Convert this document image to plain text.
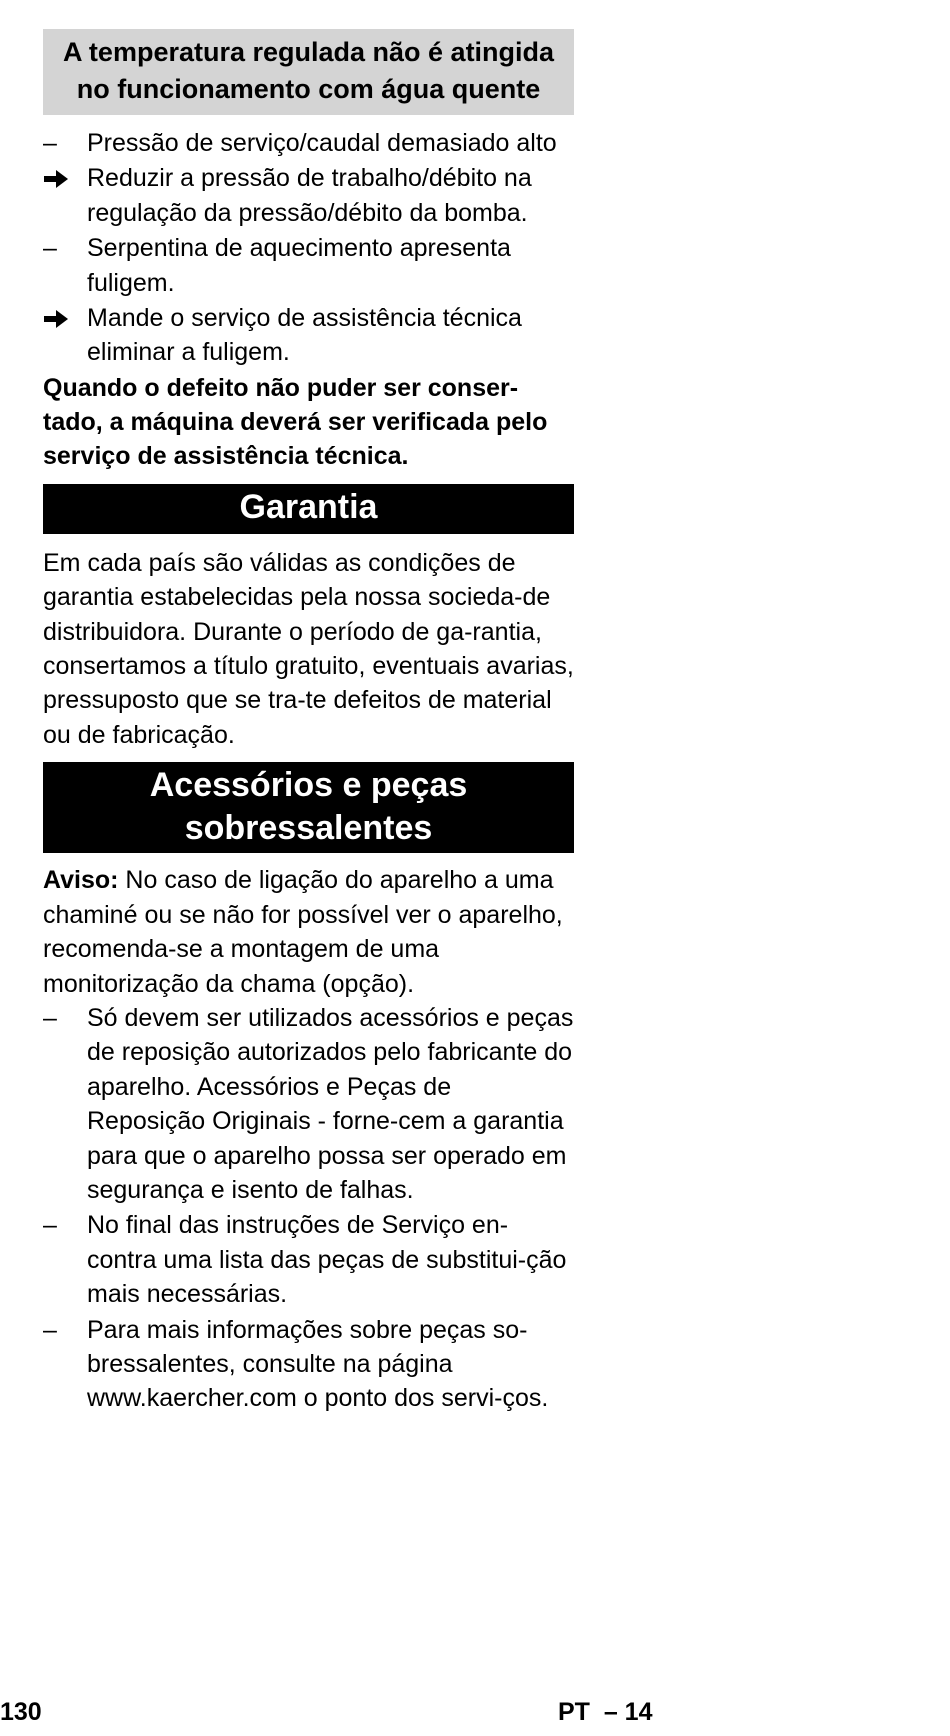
A temperatura regulada não é atingida no funcionamento com água quente
–	Pressão de serviço/caudal demasiado alto
Reduzir a pressão de trabalho/débito na regulação da pressão/débito da bomba.
–	Serpentina de aquecimento apresenta fuligem.
Mande o serviço de assistência técnica eliminar a fuligem.

Quando o defeito não puder ser conser-tado, a máquina deverá ser verificada pelo serviço de assistência técnica.

Garantia

Em cada país são válidas as condições de garantia estabelecidas pela nossa socieda-de distribuidora. Durante o período de ga-rantia, consertamos a título gratuito, eventuais avarias, pressuposto que se tra-te defeitos de material ou de fabricação.

Acessórios e peças sobressalentes

Aviso: No caso de ligação do aparelho a uma chaminé ou se não for possível ver o aparelho, recomenda-se a montagem de uma monitorização da chama (opção).

–	Só devem ser utilizados acessórios e peças de reposição autorizados pelo fabricante do aparelho. Acessórios e Peças de Reposição Originais - forne-cem a garantia para que o aparelho possa ser operado em segurança e isento de falhas.
–	No final das instruções de Serviço en-contra uma lista das peças de substitui-ção mais necessárias.
–	Para mais informações sobre peças so-bressalentes, consulte na página www.kaercher.com o ponto dos servi-ços.
130	PT  – 14
